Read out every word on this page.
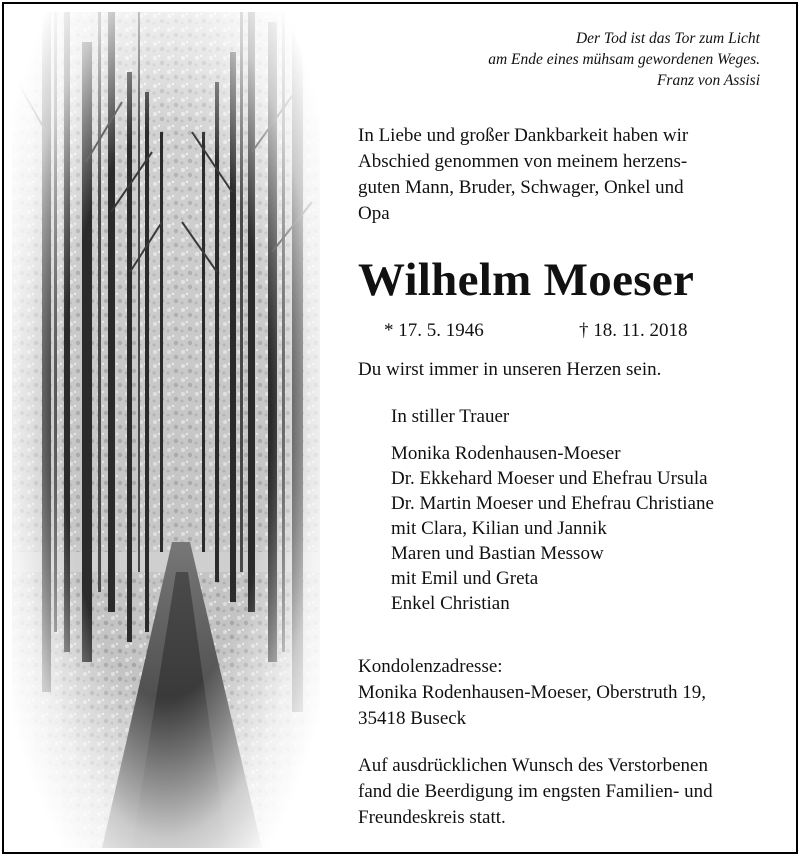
Der Tod ist das Tor zum Licht
am Ende eines mühsam gewordenen Weges.
Franz von Assisi
In Liebe und großer Dankbarkeit haben wir
Abschied genommen von meinem herzens-
guten Mann, Bruder, Schwager, Onkel und
Opa
Wilhelm Moeser
* 17. 5. 1946	† 18. 11. 2018
Du wirst immer in unseren Herzen sein.
In stiller Trauer
Monika Rodenhausen-Moeser
Dr. Ekkehard Moeser und Ehefrau Ursula
Dr. Martin Moeser und Ehefrau Christiane
mit Clara, Kilian und Jannik
Maren und Bastian Messow
mit Emil und Greta
Enkel Christian
Kondolenzadresse:
Monika Rodenhausen-Moeser, Oberstruth 19,
35418 Buseck
Auf ausdrücklichen Wunsch des Verstorbenen
fand die Beerdigung im engsten Familien- und
Freundeskreis statt.
